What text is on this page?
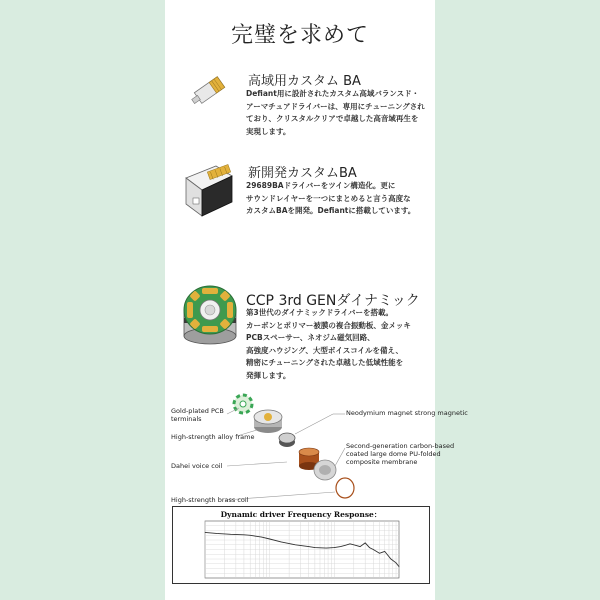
完璧を求めて
高域用カスタム BA
Defiant用に設計されたカスタム高域バランスド・
アーマチュアドライバーは、専用にチューニングされ
ており、クリスタルクリアで卓越した高音域再生を
実現します。
新開発カスタムBA
29689BAドライバーをツイン構造化。更に
サウンドレイヤーを一つにまとめると言う高度な
カスタムBAを開発。Defiantに搭載しています。
CCP 3rd GENダイナミック
第3世代のダイナミックドライバーを搭載。
カーボンとポリマー被膜の複合振動板、金メッキ
PCBスペーサー、ネオジム磁気回路、
高強度ハウジング、大型ボイスコイルを備え、
精密にチューニングされた卓越した低域性能を
発揮します。
Gold-plated PCB
terminals
High-strength alloy frame
Dahei voice coil
High-strength brass coil
Neodymium magnet strong magnetic
Second-generation carbon-based
coated large dome PU-folded
composite membrane
Dynamic driver Frequency Response：
